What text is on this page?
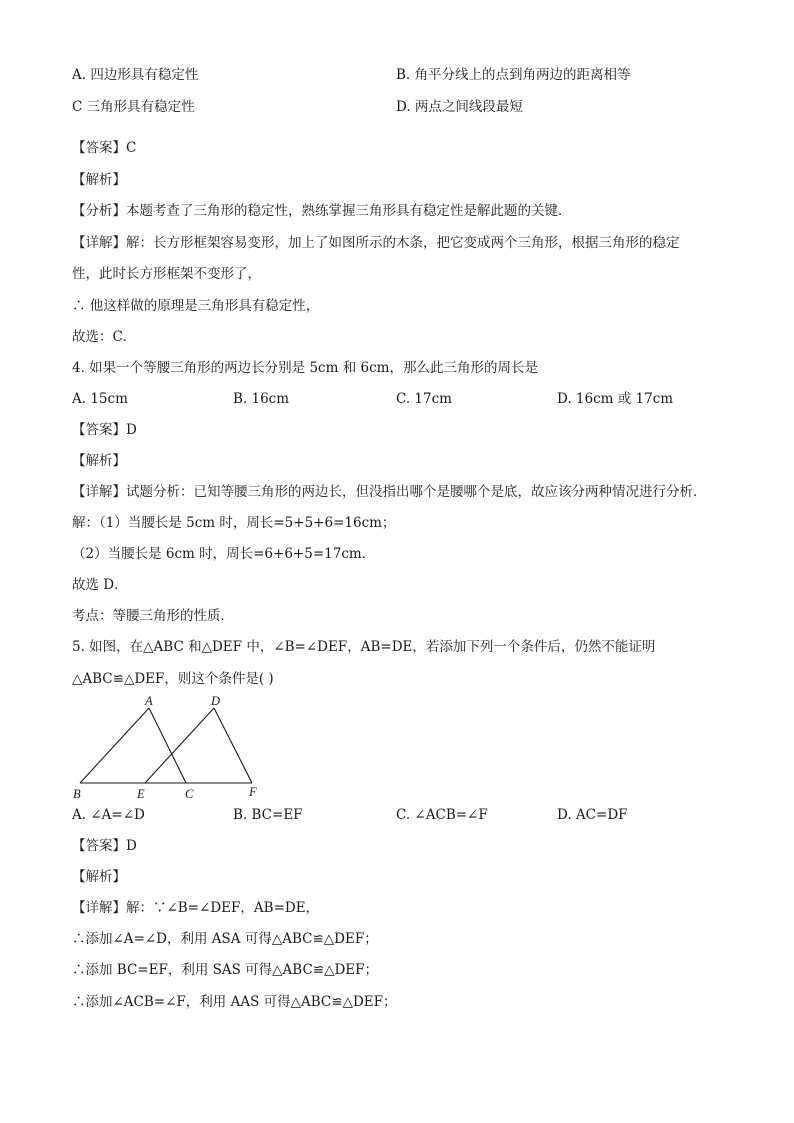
A. 四边形具有稳定性	B. 角平分线上的点到角两边的距离相等
C 三角形具有稳定性	D. 两点之间线段最短
【答案】C
【解析】
【分析】本题考查了三角形的稳定性，熟练掌握三角形具有稳定性是解此题的关键．
【详解】解：长方形框架容易变形，加上了如图所示的木条，把它变成两个三角形，根据三角形的稳定
性，此时长方形框架不变形了，
∴ 他这样做的原理是三角形具有稳定性，
故选：C．
4. 如果一个等腰三角形的两边长分别是 5cm 和 6cm，那么此三角形的周长是
A. 15cm	B. 16cm	C. 17cm	D. 16cm 或 17cm
【答案】D
【解析】
【详解】试题分析：已知等腰三角形的两边长，但没指出哪个是腰哪个是底，故应该分两种情况进行分析．
解：（1）当腰长是 5cm 时，周长=5+5+6=16cm；
（2）当腰长是 6cm 时，周长=6+6+5=17cm．
故选 D．
考点：等腰三角形的性质．
5. 如图，在△ABC 和△DEF 中，∠B=∠DEF，AB=DE，若添加下列一个条件后，仍然不能证明
△ABC≌△DEF，则这个条件是( )
A	D
B	E	C	F
A. ∠A=∠D	B. BC=EF	C. ∠ACB=∠F	D. AC=DF
【答案】D
【解析】
【详解】解：∵∠B=∠DEF，AB=DE，
∴添加∠A=∠D，利用 ASA 可得△ABC≌△DEF；
∴添加 BC=EF，利用 SAS 可得△ABC≌△DEF；
∴添加∠ACB=∠F，利用 AAS 可得△ABC≌△DEF；
